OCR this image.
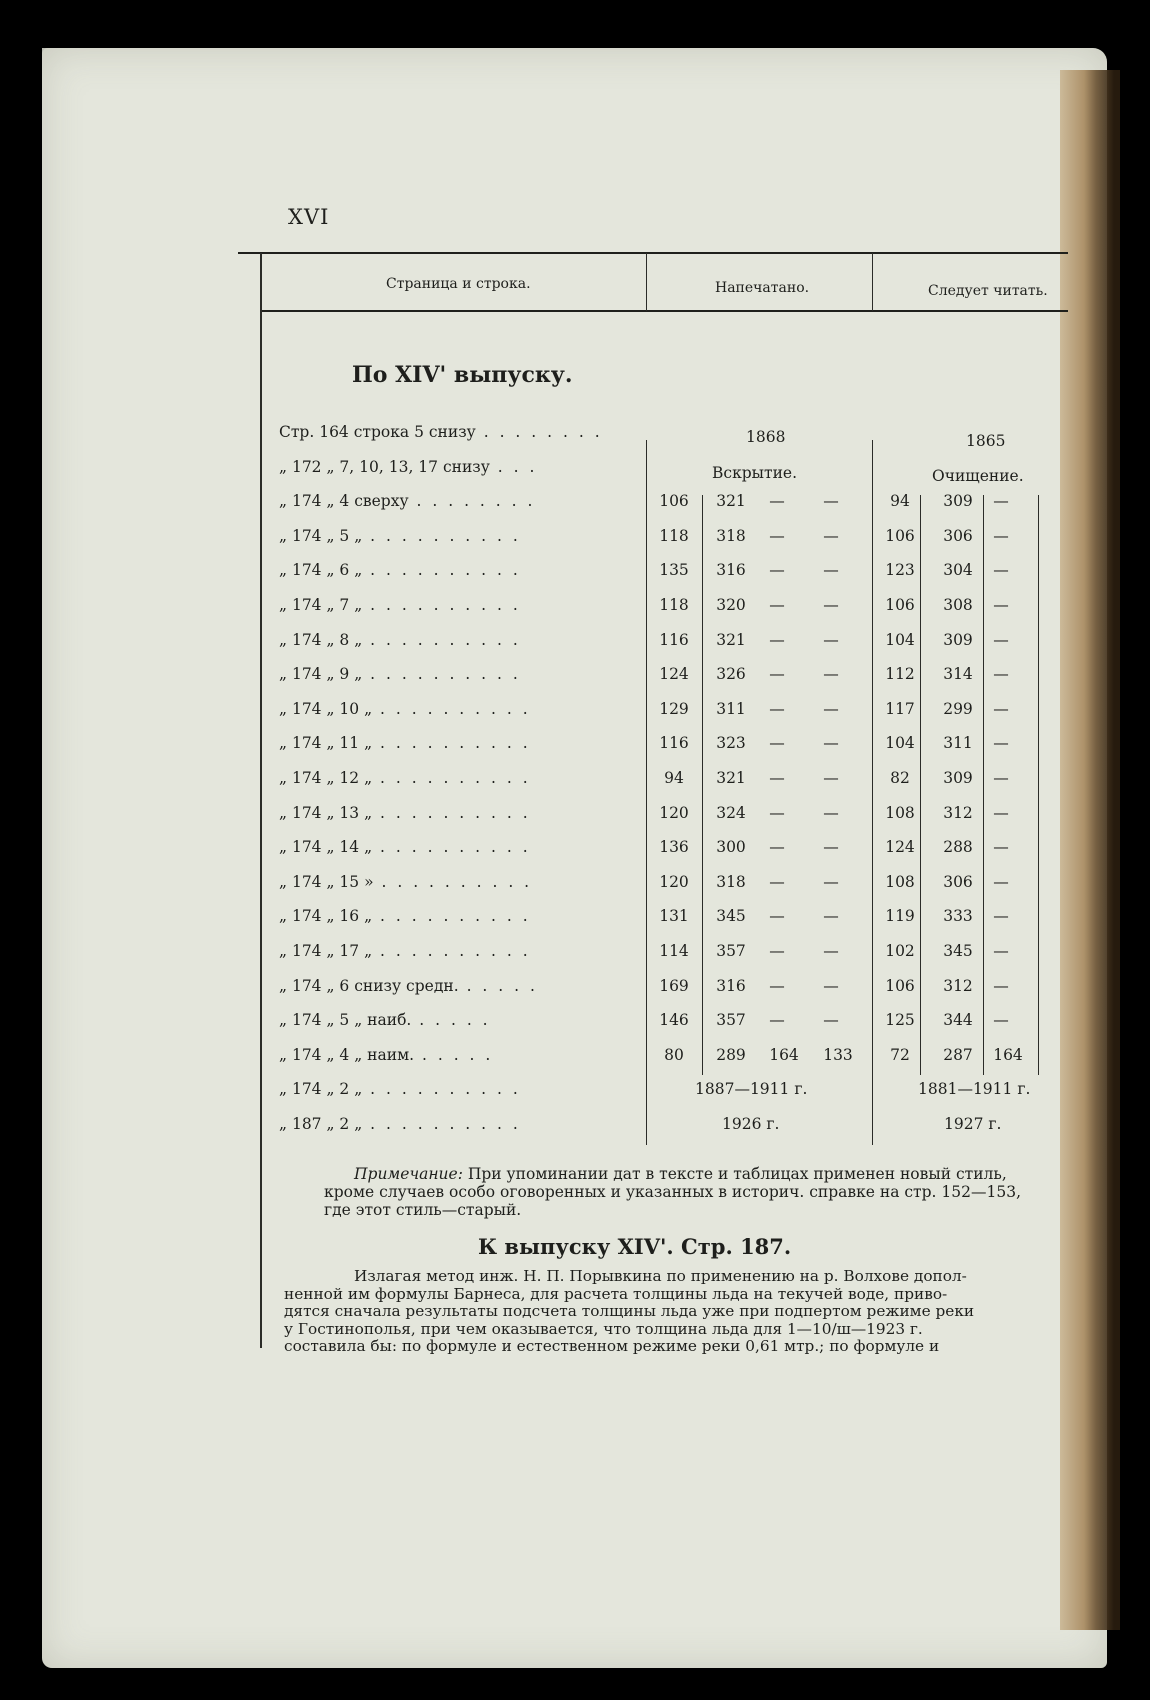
XVI
Страница и строка.	Напечатано.	Следует читать.
По XIV' выпуску.
1868
Вскрытие.
1865
Очищение.
Стр. 164 строка 5 снизу . . . . . . . .
„ 172 „ 7, 10, 13, 17 снизу . . .
„ 174 „ 4 сверху . . . . . . . .	106	321	—	—	94	309	—
„ 174 „ 5 „ . . . . . . . . . .	118	318	—	—	106	306	—
„ 174 „ 6 „ . . . . . . . . . .	135	316	—	—	123	304	—
„ 174 „ 7 „ . . . . . . . . . .	118	320	—	—	106	308	—
„ 174 „ 8 „ . . . . . . . . . .	116	321	—	—	104	309	—
„ 174 „ 9 „ . . . . . . . . . .	124	326	—	—	112	314	—
„ 174 „ 10 „ . . . . . . . . . .	129	311	—	—	117	299	—
„ 174 „ 11 „ . . . . . . . . . .	116	323	—	—	104	311	—
„ 174 „ 12 „ . . . . . . . . . .	94	321	—	—	82	309	—
„ 174 „ 13 „ . . . . . . . . . .	120	324	—	—	108	312	—
„ 174 „ 14 „ . . . . . . . . . .	136	300	—	—	124	288	—
„ 174 „ 15 » . . . . . . . . . .	120	318	—	—	108	306	—
„ 174 „ 16 „ . . . . . . . . . .	131	345	—	—	119	333	—
„ 174 „ 17 „ . . . . . . . . . .	114	357	—	—	102	345	—
„ 174 „ 6 снизу средн. . . . . .	169	316	—	—	106	312	—
„ 174 „ 5 „ наиб. . . . . .	146	357	—	—	125	344	—
„ 174 „ 4 „ наим. . . . . .	80	289	164	133	72	287	164
„ 174 „ 2 „ . . . . . . . . . .	1887—1911 г.	1881—1911 г.
„ 187 „ 2 „ . . . . . . . . . .	1926 г.	1927 г.
Примечание: При упоминании дат в тексте и таблицах применен новый стиль,
кроме случаев особо оговоренных и указанных в историч. справке на стр. 152—153,
где этот стиль—старый.
К выпуску XIV'. Стр. 187.
Излагая метод инж. Н. П. Порывкина по применению на р. Волхове допол-
ненной им формулы Барнеса, для расчета толщины льда на текучей воде, приво-
дятся сначала результаты подсчета толщины льда уже при подпертом режиме реки
у Гостинополья, при чем оказывается, что толщина льда для 1—10/ш—1923 г.
составила бы: по формуле и естественном режиме реки 0,61 мтр.; по формуле и
